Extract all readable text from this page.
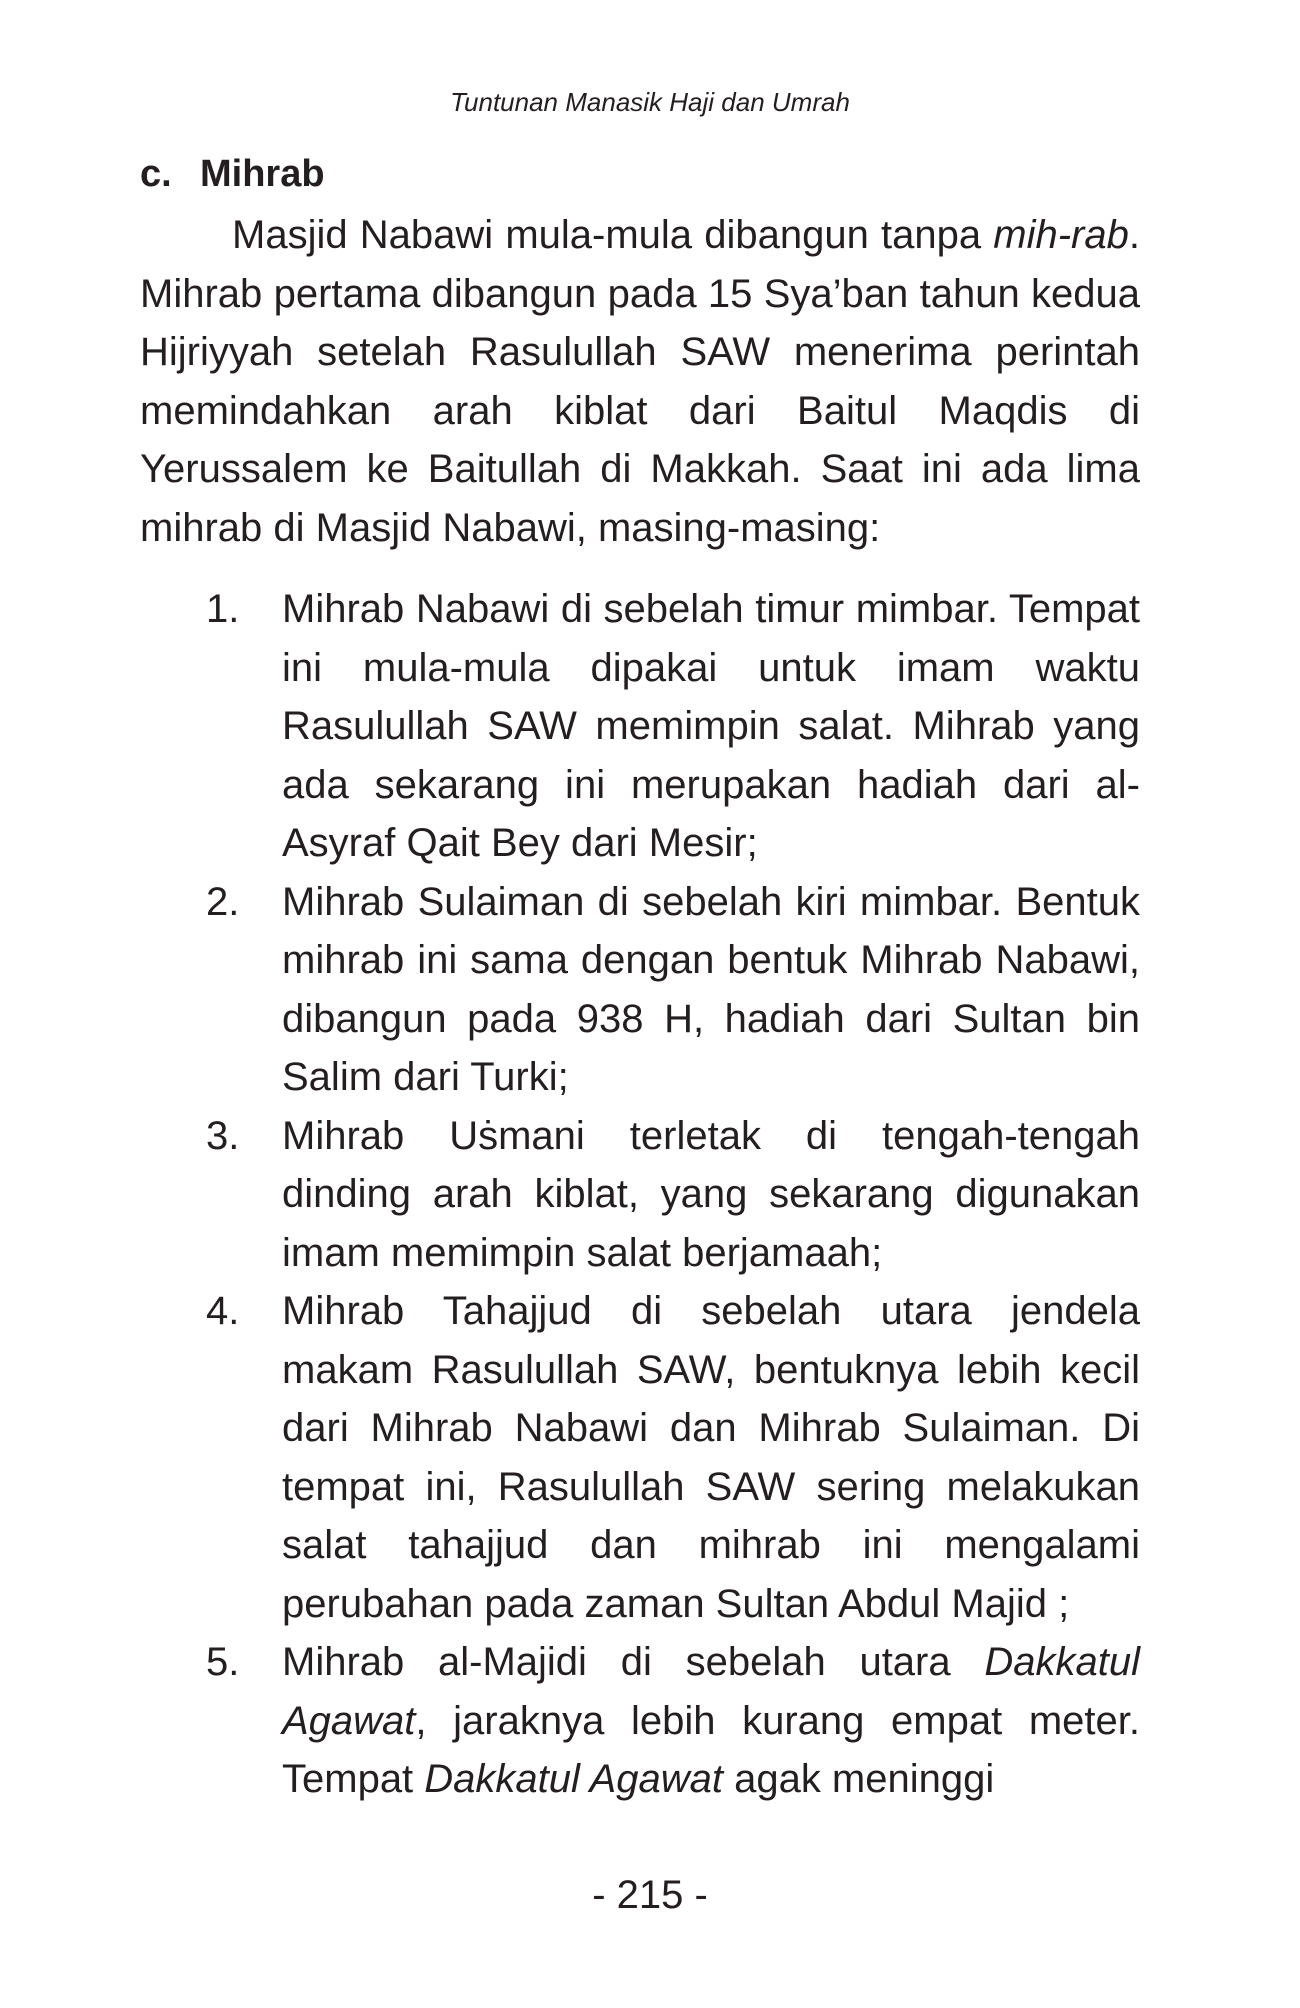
Tuntunan Manasik Haji dan Umrah
c. Mihrab

Masjid Nabawi mula-mula dibangun tanpa mih-rab. Mihrab pertama dibangun pada 15 Sya’ban tahun kedua Hijriyyah setelah Rasulullah SAW menerima perintah memindahkan arah kiblat dari Baitul Maqdis di Yerussalem ke Baitullah di Makkah. Saat ini ada lima mihrab di Masjid Nabawi, masing-masing:

1. Mihrab Nabawi di sebelah timur mimbar. Tempat ini mula-mula dipakai untuk imam waktu Rasulullah SAW memimpin salat. Mihrab yang ada sekarang ini merupakan hadiah dari al-Asyraf Qait Bey dari Mesir;
2. Mihrab Sulaiman di sebelah kiri mimbar. Bentuk mihrab ini sama dengan bentuk Mihrab Nabawi, dibangun pada 938 H, hadiah dari Sultan bin Salim dari Turki;
3. Mihrab Uṡmani terletak di tengah-tengah dinding arah kiblat, yang sekarang digunakan imam memimpin salat berjamaah;
4. Mihrab Tahajjud di sebelah utara jendela makam Rasulullah SAW, bentuknya lebih kecil dari Mihrab Nabawi dan Mihrab Sulaiman. Di tempat ini, Rasulullah SAW sering melakukan salat tahajjud dan mihrab ini mengalami perubahan pada zaman Sultan Abdul Majid ;
5. Mihrab al-Majidi di sebelah utara Dakkatul Agawat, jaraknya lebih kurang empat meter. Tempat Dakkatul Agawat agak meninggi
- 215 -
